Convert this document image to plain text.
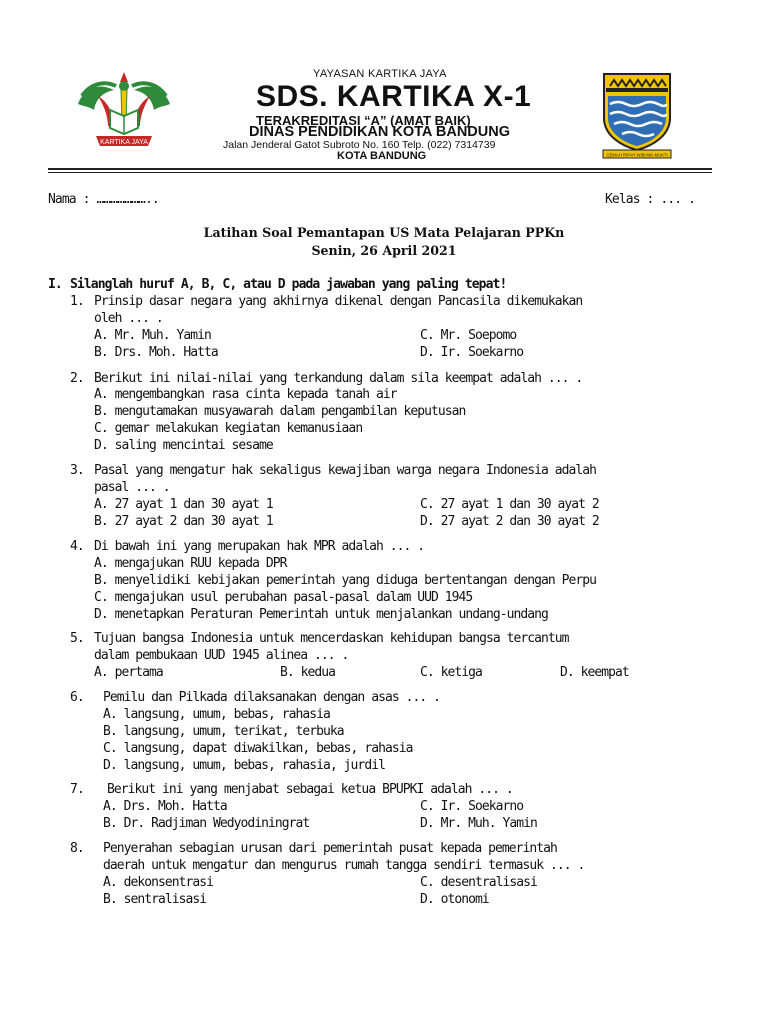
KARTIKA JAYA
YAYASAN KARTIKA JAYA
SDS. KARTIKA X-1
TERAKREDITASI “A” (AMAT BAIK)
DINAS PENDIDIKAN KOTA BANDUNG
Jalan Jenderal Gatot Subroto No. 160 Telp. (022) 7314739
KOTA BANDUNG	GEMAH RIPAH WIBAWA MUKTI
Nama : …………………..	Kelas : ... .
Latihan Soal Pemantapan US Mata Pelajaran PPKn
Senin, 26 April 2021
I. Silanglah huruf A, B, C, atau D pada jawaban yang paling tepat!
1. Prinsip dasar negara yang akhirnya dikenal dengan Pancasila dikemukakan
oleh ... .
A. Mr. Muh. Yamin	C. Mr. Soepomo
B. Drs. Moh. Hatta	D. Ir. Soekarno
2. Berikut ini nilai-nilai yang terkandung dalam sila keempat adalah ... .
A. mengembangkan rasa cinta kepada tanah air
B. mengutamakan musyawarah dalam pengambilan keputusan
C. gemar melakukan kegiatan kemanusiaan
D. saling mencintai sesame
3. Pasal yang mengatur hak sekaligus kewajiban warga negara Indonesia adalah
pasal ... .
A. 27 ayat 1 dan 30 ayat 1	C. 27 ayat 1 dan 30 ayat 2
B. 27 ayat 2 dan 30 ayat 1	D. 27 ayat 2 dan 30 ayat 2
4. Di bawah ini yang merupakan hak MPR adalah ... .
A. mengajukan RUU kepada DPR
B. menyelidiki kebijakan pemerintah yang diduga bertentangan dengan Perpu
C. mengajukan usul perubahan pasal-pasal dalam UUD 1945
D. menetapkan Peraturan Pemerintah untuk menjalankan undang-undang
5. Tujuan bangsa Indonesia untuk mencerdaskan kehidupan bangsa tercantum
dalam pembukaan UUD 1945 alinea ... .
A. pertama	B. kedua	C. ketiga	D. keempat
6. Pemilu dan Pilkada dilaksanakan dengan asas ... .
A. langsung, umum, bebas, rahasia
B. langsung, umum, terikat, terbuka
C. langsung, dapat diwakilkan, bebas, rahasia
D. langsung, umum, bebas, rahasia, jurdil
7. Berikut ini yang menjabat sebagai ketua BPUPKI adalah ... .
A. Drs. Moh. Hatta	C. Ir. Soekarno
B. Dr. Radjiman Wedyodiningrat	D. Mr. Muh. Yamin
8. Penyerahan sebagian urusan dari pemerintah pusat kepada pemerintah
daerah untuk mengatur dan mengurus rumah tangga sendiri termasuk ... .
A. dekonsentrasi	C. desentralisasi
B. sentralisasi	D. otonomi
